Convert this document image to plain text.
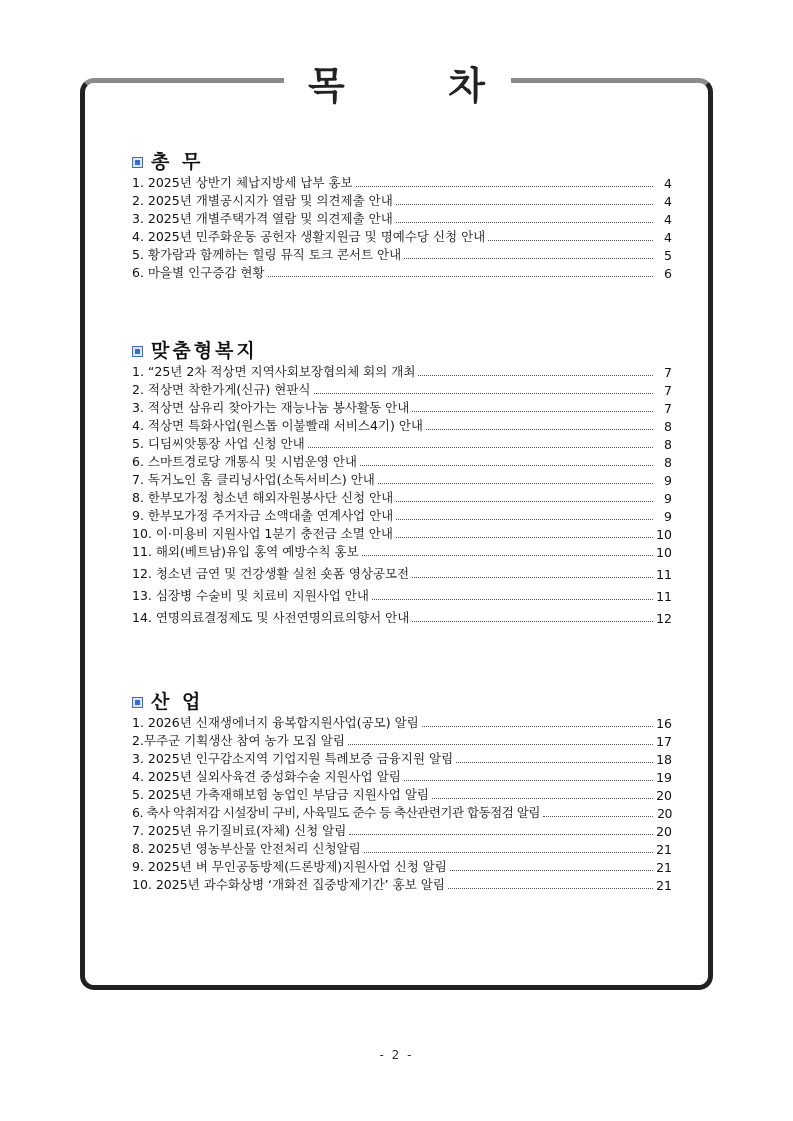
목	차
총 무
1. 2025년 상반기 체납지방세 납부 홍보	4
2. 2025년 개별공시지가 열람 및 의견제출 안내	4
3. 2025년 개별주택가격 열람 및 의견제출 안내	4
4. 2025년 민주화운동 공헌자 생활지원금 및 명예수당 신청 안내	4
5. 황가람과 함께하는 힐링 뮤직 토크 콘서트 안내	5
6. 마을별 인구증감 현황	6
맞춤형복지
1. “25년 2차 적상면 지역사회보장협의체 회의 개최	7
2. 적상면 착한가게(신규) 현판식	7
3. 적상면 삼유리 찾아가는 재능나눔 봉사활동 안내	7
4. 적상면 특화사업(원스톱 이불빨래 서비스4기) 안내	8
5. 디딤씨앗통장 사업 신청 안내	8
6. 스마트경로당 개통식 및 시범운영 안내	8
7. 독거노인 홈 클리닝사업(소독서비스) 안내	9
8. 한부모가정 청소년 해외자원봉사단 신청 안내	9
9. 한부모가정 주거자금 소액대출 연계사업 안내	9
10. 이·미용비 지원사업 1분기 충전금 소멸 안내	10
11. 해외(베트남)유입 홍역 예방수칙 홍보	10
12. 청소년 금연 및 건강생활 실천 숏폼 영상공모전	11
13. 심장병 수술비 및 치료비 지원사업 안내	11
14. 연명의료결정제도 및 사전연명의료의향서 안내	12
산 업
1. 2026년 신재생에너지 융복합지원사업(공모) 알림	16
2.무주군 기획생산 참여 농가 모집 알림	17
3. 2025년 인구감소지역 기업지원 특례보증 금융지원 알림	18
4. 2025년 실외사육견 중성화수술 지원사업 알림	19
5. 2025년 가축재해보험 농업인 부담금 지원사업 알림	20
6. 축사 악취저감 시설장비 구비, 사육밀도 준수 등 축산관련기관 합동점검 알림	20
7. 2025년 유기질비료(자체) 신청 알림	20
8. 2025년 영농부산물 안전처리 신청알림	21
9. 2025년 벼 무인공동방제(드론방제)지원사업 신청 알림	21
10. 2025년 과수화상병 ‘개화전 집중방제기간’ 홍보 알림	21
- 2 -
